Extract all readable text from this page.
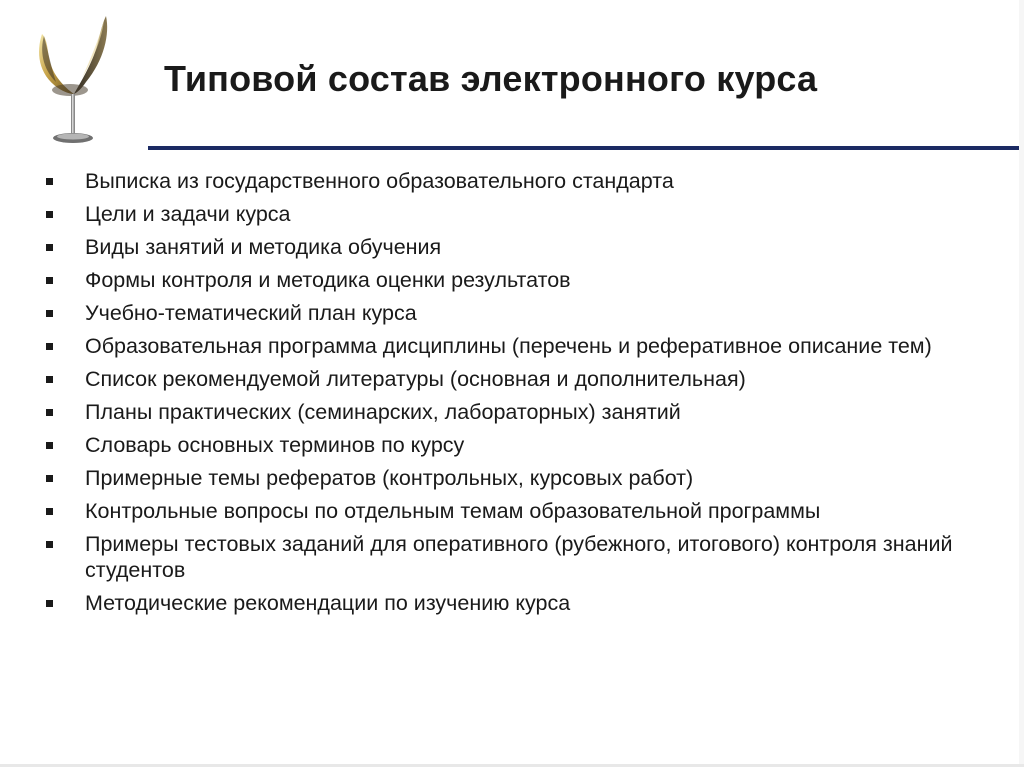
Типовой состав электронного курса
Выписка из государственного образовательного стандарта
Цели и задачи курса
Виды занятий и методика обучения
Формы контроля и методика оценки результатов
Учебно-тематический план курса
Образовательная программа дисциплины (перечень и реферативное описание тем)
Список рекомендуемой литературы (основная и дополнительная)
Планы практических (семинарских, лабораторных) занятий
Словарь основных терминов по курсу
Примерные темы рефератов (контрольных, курсовых работ)
Контрольные вопросы по отдельным темам образовательной программы
Примеры тестовых заданий для оперативного (рубежного, итогового) контроля знаний студентов
Методические рекомендации по изучению курса
